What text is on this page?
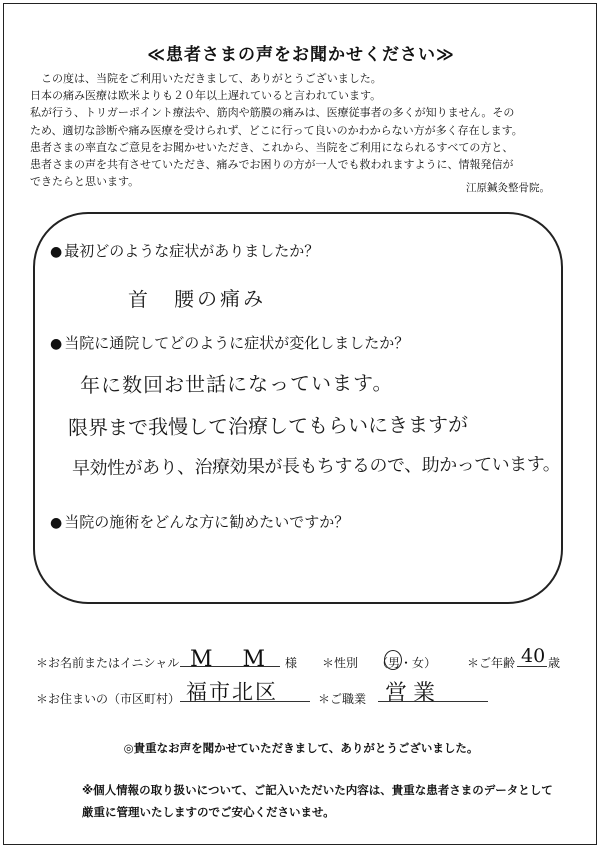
≪患者さまの声をお聞かせください≫

この度は、当院をご利用いただきまして、ありがとうございました。

日本の痛み医療は欧米よりも２０年以上遅れていると言われています。

私が行う、トリガーポイント療法や、筋肉や筋膜の痛みは、医療従事者の多くが知りません。その

ため、適切な診断や痛み医療を受けられず、どこに行って良いのかわからない方が多く存在します。

患者さまの率直なご意見をお聞かせいただき、これから、当院をご利用になられるすべての方と、

患者さまの声を共有させていただき、痛みでお困りの方が一人でも救われますように、情報発信が

できたらと思います。	江原鍼灸整骨院。
● 最初どのような症状がありましたか？
首　腰の痛み
● 当院に通院してどのように症状が変化しましたか？
年に数回お世話になっています。
限界まで我慢して治療してもらいにきますが
早効性があり、治療効果が長もちするので、助かっています。
● 当院の施術をどんな方に勧めたいですか？
＊お名前またはイニシャル M　M 様 ＊性別 （男・女）	＊ご年齢 40 歳
＊お住まいの（市区町村） 福市北区	＊ご職業 営業
◎貴重なお声を聞かせていただきまして、ありがとうございました。
※個人情報の取り扱いについて、ご記入いただいた内容は、貴重な患者さまのデータとして
厳重に管理いたしますのでご安心くださいませ。
